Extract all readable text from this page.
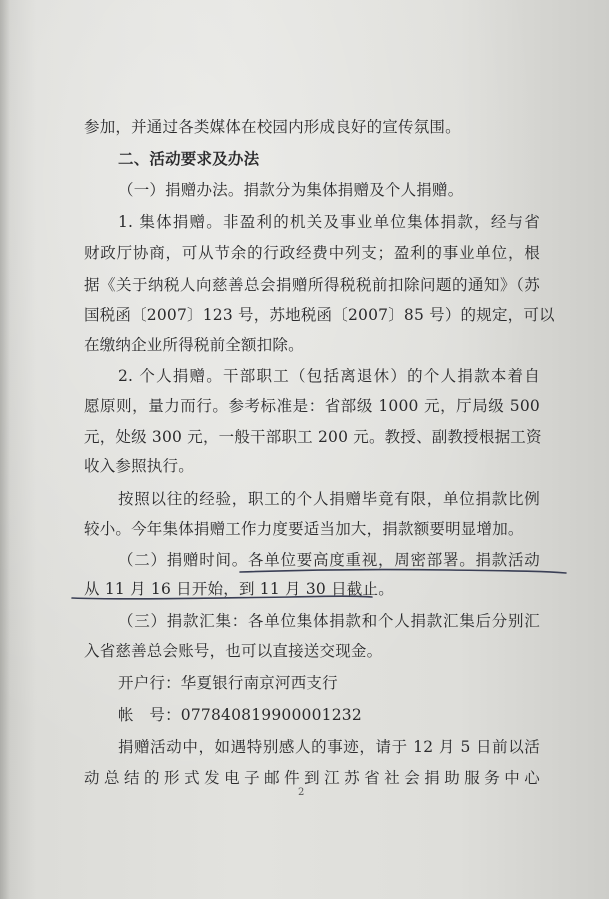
参加，并通过各类媒体在校园内形成良好的宣传氛围。
二、活动要求及办法
（一）捐赠办法。捐款分为集体捐赠及个人捐赠。
1. 集体捐赠。非盈利的机关及事业单位集体捐款，经与省
财政厅协商，可从节余的行政经费中列支；盈利的事业单位，根
据《关于纳税人向慈善总会捐赠所得税税前扣除问题的通知》（苏
国税函〔2007〕123 号，苏地税函〔2007〕85 号）的规定，可以
在缴纳企业所得税前全额扣除。
2. 个人捐赠。干部职工（包括离退休）的个人捐款本着自
愿原则，量力而行。参考标准是：省部级 1000 元，厅局级 500
元，处级 300 元，一般干部职工 200 元。教授、副教授根据工资
收入参照执行。
按照以往的经验，职工的个人捐赠毕竟有限，单位捐款比例
较小。今年集体捐赠工作力度要适当加大，捐款额要明显增加。
（二）捐赠时间。各单位要高度重视，周密部署。捐款活动
从 11 月 16 日开始，到 11 月 30 日截止。
（三）捐款汇集：各单位集体捐款和个人捐款汇集后分别汇
入省慈善总会账号，也可以直接送交现金。
开户行：华夏银行南京河西支行
帐　号：077840819900001232
捐赠活动中，如遇特别感人的事迹，请于 12 月 5 日前以活
动总结的形式发电子邮件到江苏省社会捐助服务中心
2
